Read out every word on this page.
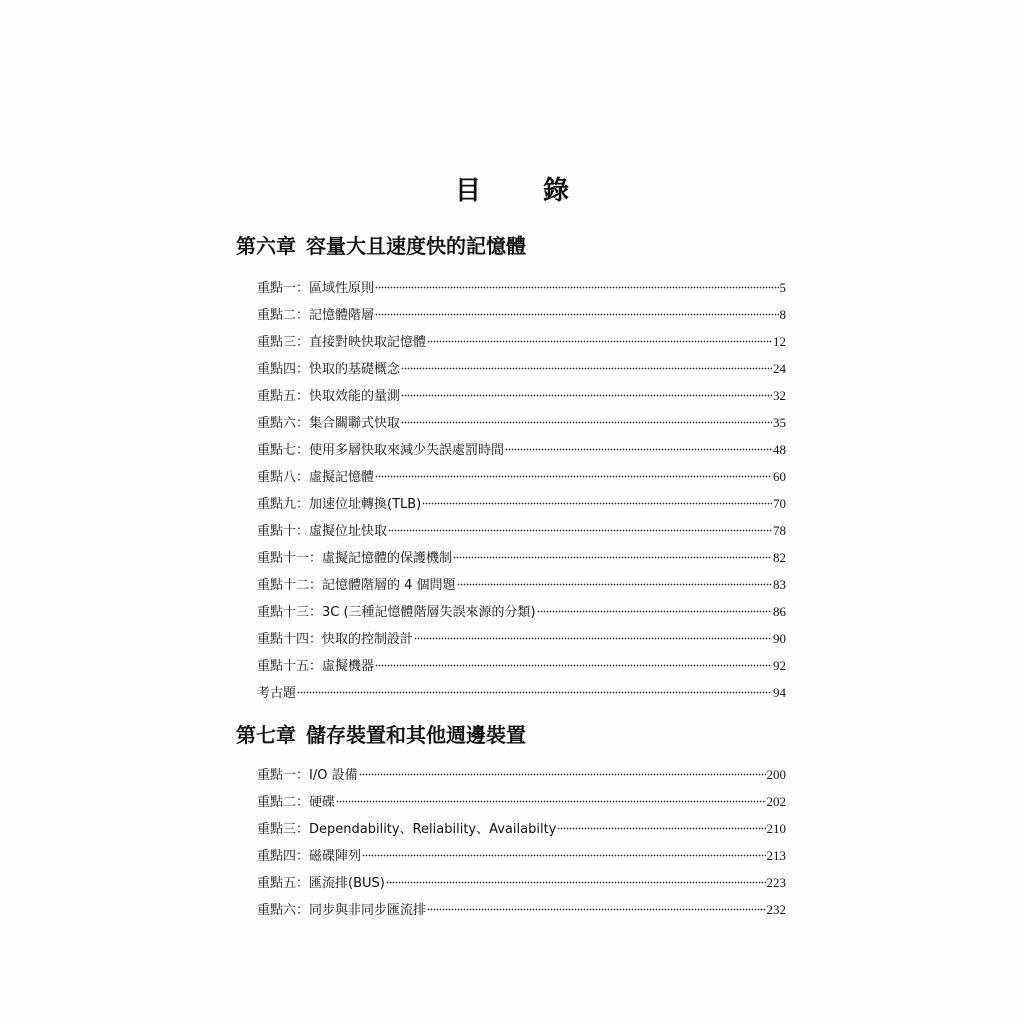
目　錄
第六章 容量大且速度快的記憶體
重點一：區域性原則	5
重點二：記憶體階層	8
重點三：直接對映快取記憶體	12
重點四：快取的基礎概念	24
重點五：快取效能的量測	32
重點六：集合關聯式快取	35
重點七：使用多層快取來減少失誤處罰時間	48
重點八：虛擬記憶體	60
重點九：加速位址轉換(TLB)	70
重點十：虛擬位址快取	78
重點十一：虛擬記憶體的保護機制	82
重點十二：記憶體階層的 4 個問題	83
重點十三：3C (三種記憶體階層失誤來源的分類)	86
重點十四：快取的控制設計	90
重點十五：虛擬機器	92
考古題	94
第七章 儲存裝置和其他週邊裝置
重點一：I/O 設備	200
重點二：硬碟	202
重點三：Dependability、Reliability、Availabilty	210
重點四：磁碟陣列	213
重點五：匯流排(BUS)	223
重點六：同步與非同步匯流排	232
